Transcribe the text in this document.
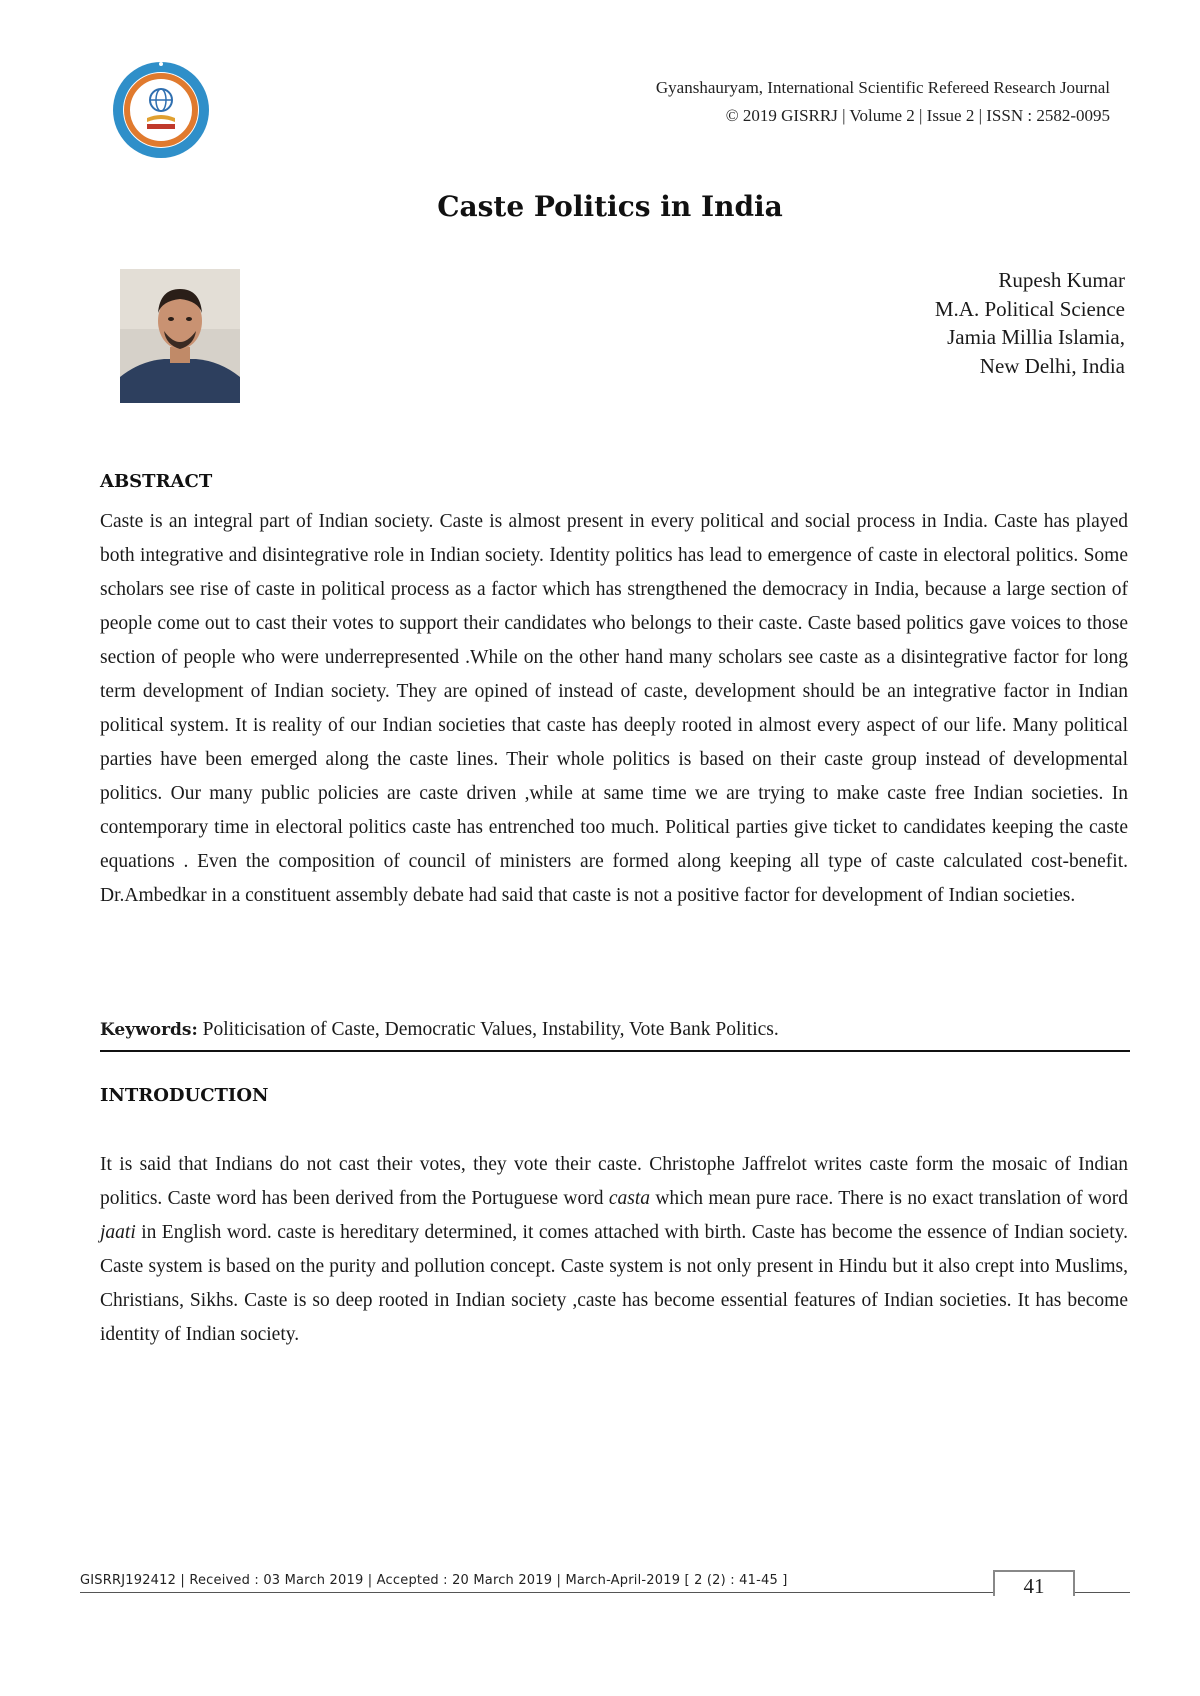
Gyanshauryam, International Scientific Refereed Research Journal
© 2019 GISRRJ | Volume 2 | Issue 2 | ISSN : 2582-0095
Caste Politics in India
Rupesh Kumar
M.A. Political Science
Jamia Millia Islamia,
New Delhi, India
ABSTRACT
Caste is an integral part of Indian society. Caste is almost present in every political and social process in India. Caste has played both integrative and disintegrative role in Indian society. Identity politics has lead to emergence of caste in electoral politics. Some scholars see rise of caste in political process as a factor which has strengthened the democracy in India, because a large section of people come out to cast their votes to support their candidates who belongs to their caste. Caste based politics gave voices to those section of people who were underrepresented .While on the other hand many scholars see caste as a disintegrative factor for long term development of Indian society. They are opined of instead of caste, development should be an integrative factor in Indian political system. It is reality of our Indian societies that caste has deeply rooted in almost every aspect of our life. Many political parties have been emerged along the caste lines. Their whole politics is based on their caste group instead of developmental politics. Our many public policies are caste driven ,while at same time we are trying to make caste free Indian societies. In contemporary time in electoral politics caste has entrenched too much. Political parties give ticket to candidates keeping the caste equations . Even the composition of council of ministers are formed along keeping all type of caste calculated cost-benefit. Dr.Ambedkar in a constituent assembly debate had said that caste is not a positive factor for development of Indian societies.
Keywords: Politicisation of Caste, Democratic Values, Instability, Vote Bank Politics.
INTRODUCTION
It is said that Indians do not cast their votes, they vote their caste. Christophe Jaffrelot writes caste form the mosaic of Indian politics. Caste word has been derived from the Portuguese word casta which mean pure race. There is no exact translation of word jaati in English word. caste is hereditary determined, it comes attached with birth. Caste has become the essence of Indian society. Caste system is based on the purity and pollution concept. Caste system is not only present in Hindu but it also crept into Muslims, Christians, Sikhs. Caste is so deep rooted in Indian society ,caste has become essential features of Indian societies. It has become identity of Indian society.
GISRRJ192412 | Received : 03 March 2019 | Accepted : 20 March 2019 | March-April-2019 [ 2 (2) : 41-45 ]	41
